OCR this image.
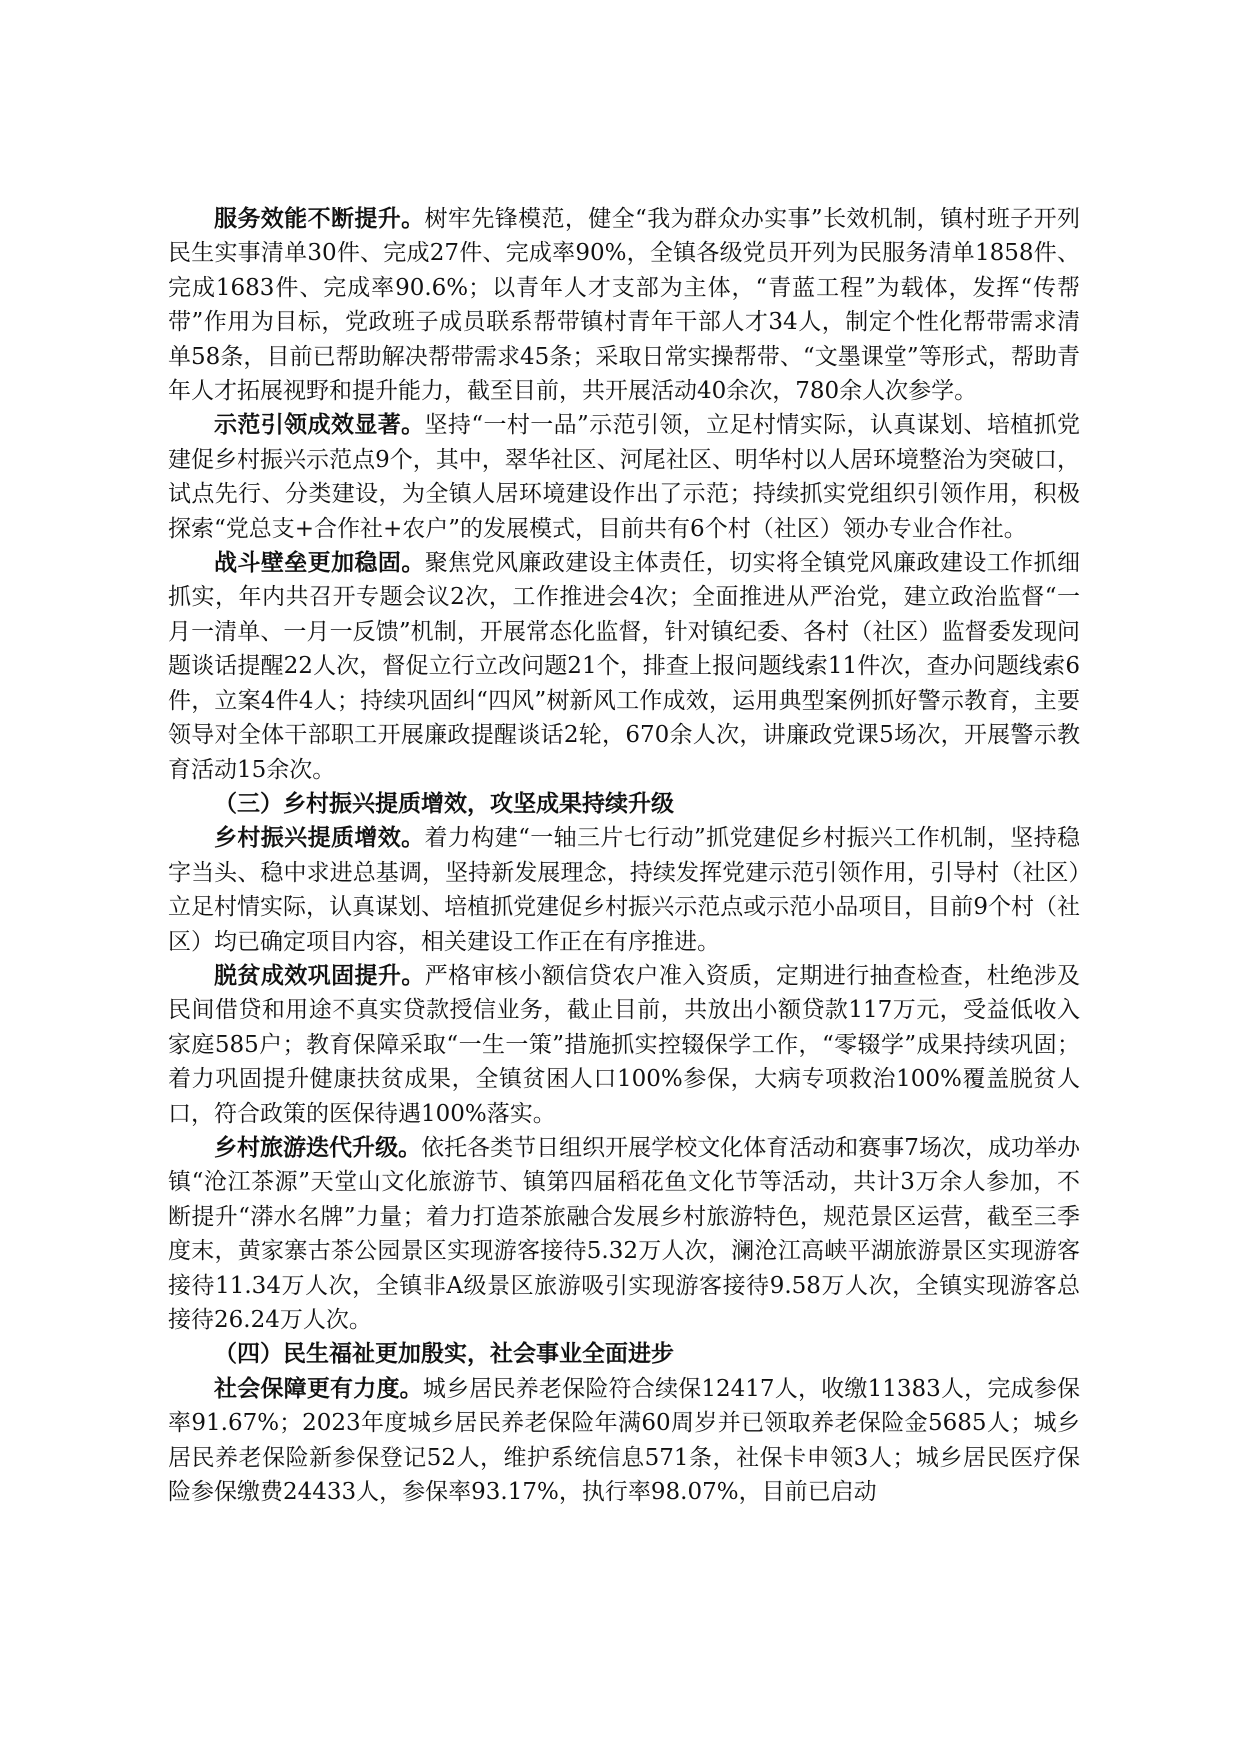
服务效能不断提升。树牢先锋模范，健全“我为群众办实事”长效机制，镇村班子开列民生实事清单30件、完成27件、完成率90%，全镇各级党员开列为民服务清单1858件、完成1683件、完成率90.6%；以青年人才支部为主体，“青蓝工程”为载体，发挥“传帮带”作用为目标，党政班子成员联系帮带镇村青年干部人才34人，制定个性化帮带需求清单58条，目前已帮助解决帮带需求45条；采取日常实操帮带、“文墨课堂”等形式，帮助青年人才拓展视野和提升能力，截至目前，共开展活动40余次，780余人次参学。

示范引领成效显著。坚持“一村一品”示范引领，立足村情实际，认真谋划、培植抓党建促乡村振兴示范点9个，其中，翠华社区、河尾社区、明华村以人居环境整治为突破口，试点先行、分类建设，为全镇人居环境建设作出了示范；持续抓实党组织引领作用，积极探索“党总支+合作社+农户”的发展模式，目前共有6个村（社区）领办专业合作社。

战斗壁垒更加稳固。聚焦党风廉政建设主体责任，切实将全镇党风廉政建设工作抓细抓实，年内共召开专题会议2次，工作推进会4次；全面推进从严治党，建立政治监督“一月一清单、一月一反馈”机制，开展常态化监督，针对镇纪委、各村（社区）监督委发现问题谈话提醒22人次，督促立行立改问题21个，排查上报问题线索11件次，查办问题线索6件，立案4件4人；持续巩固纠“四风”树新风工作成效，运用典型案例抓好警示教育，主要领导对全体干部职工开展廉政提醒谈话2轮，670余人次，讲廉政党课5场次，开展警示教育活动15余次。

（三）乡村振兴提质增效，攻坚成果持续升级

乡村振兴提质增效。着力构建“一轴三片七行动”抓党建促乡村振兴工作机制，坚持稳字当头、稳中求进总基调，坚持新发展理念，持续发挥党建示范引领作用，引导村（社区）立足村情实际，认真谋划、培植抓党建促乡村振兴示范点或示范小品项目，目前9个村（社区）均已确定项目内容，相关建设工作正在有序推进。

脱贫成效巩固提升。严格审核小额信贷农户准入资质，定期进行抽查检查，杜绝涉及民间借贷和用途不真实贷款授信业务，截止目前，共放出小额贷款117万元，受益低收入家庭585户；教育保障采取“一生一策”措施抓实控辍保学工作，“零辍学”成果持续巩固；着力巩固提升健康扶贫成果，全镇贫困人口100%参保，大病专项救治100%覆盖脱贫人口，符合政策的医保待遇100%落实。

乡村旅游迭代升级。依托各类节日组织开展学校文化体育活动和赛事7场次，成功举办镇“沧江茶源”天堂山文化旅游节、镇第四届稻花鱼文化节等活动，共计3万余人参加，不断提升“漭水名牌”力量；着力打造茶旅融合发展乡村旅游特色，规范景区运营，截至三季度末，黄家寨古茶公园景区实现游客接待5.32万人次，澜沧江高峡平湖旅游景区实现游客接待11.34万人次，全镇非A级景区旅游吸引实现游客接待9.58万人次，全镇实现游客总接待26.24万人次。

（四）民生福祉更加殷实，社会事业全面进步

社会保障更有力度。城乡居民养老保险符合续保12417人，收缴11383人，完成参保率91.67%；2023年度城乡居民养老保险年满60周岁并已领取养老保险金5685人；城乡居民养老保险新参保登记52人，维护系统信息571条，社保卡申领3人；城乡居民医疗保险参保缴费24433人，参保率93.17%，执行率98.07%，目前已启动
